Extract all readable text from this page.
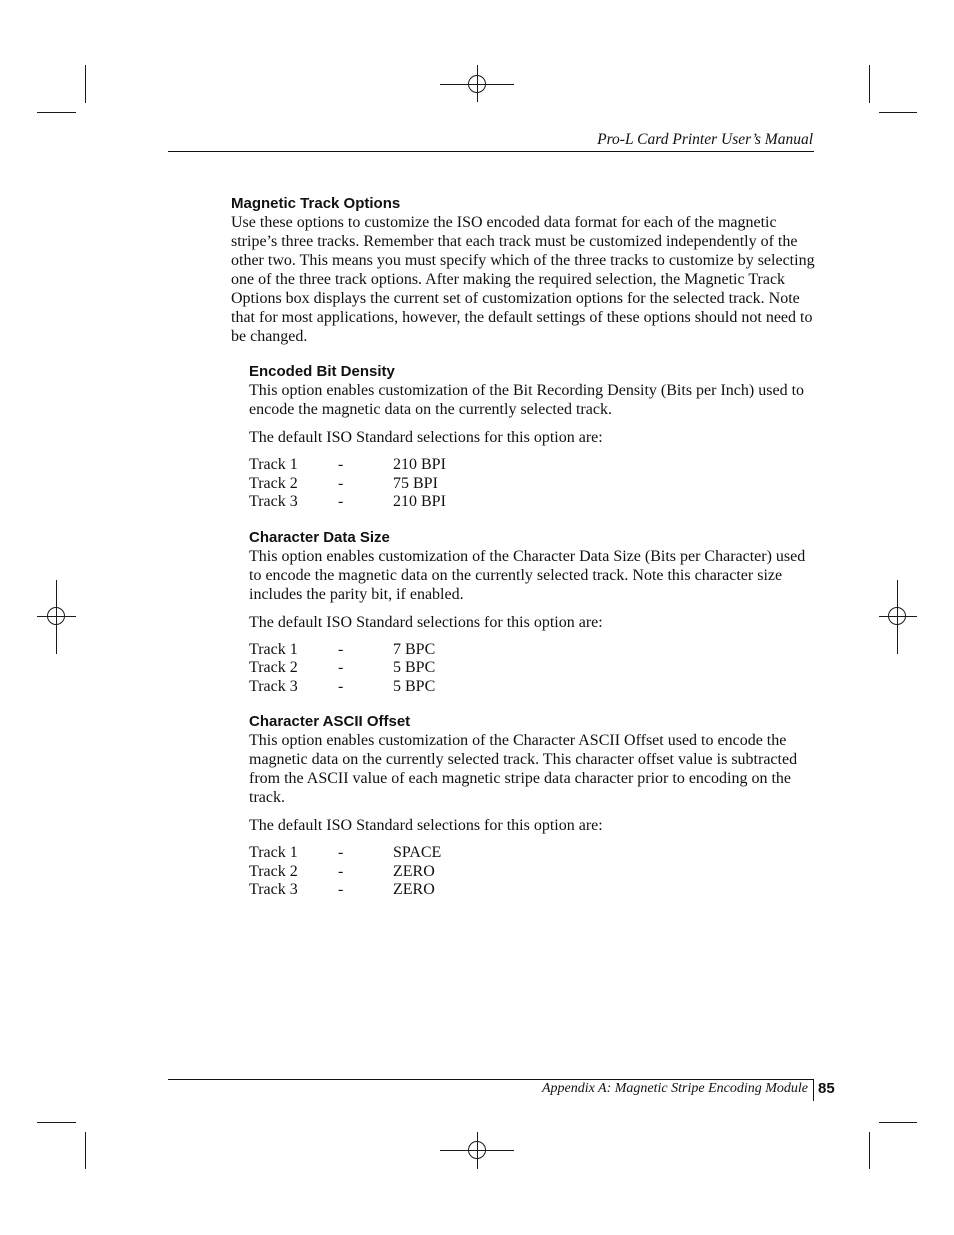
Pro-L Card Printer User’s Manual
Magnetic Track Options

Use these options to customize the ISO encoded data format for each of the magnetic stripe’s three tracks. Remember that each track must be customized independently of the other two. This means you must specify which of the three tracks to customize by selecting one of the three track options. After making the required selection, the Magnetic Track Options box displays the current set of customization options for the selected track. Note that for most applications, however, the default settings of these options should not need to be changed.

Encoded Bit Density

This option enables customization of the Bit Recording Density (Bits per Inch) used to encode the magnetic data on the currently selected track.

The default ISO Standard selections for this option are:

Track 1	-	210 BPI
Track 2	-	75 BPI
Track 3	-	210 BPI
Character Data Size

This option enables customization of the Character Data Size (Bits per Character) used to encode the magnetic data on the currently selected track. Note this character size includes the parity bit, if enabled.

The default ISO Standard selections for this option are:

Track 1	-	7 BPC
Track 2	-	5 BPC
Track 3	-	5 BPC
Character ASCII Offset

This option enables customization of the Character ASCII Offset used to encode the magnetic data on the currently selected track. This character offset value is subtracted from the ASCII value of each magnetic stripe data character prior to encoding on the track.

The default ISO Standard selections for this option are:

Track 1	-	SPACE
Track 2	-	ZERO
Track 3	-	ZERO
Appendix A: Magnetic Stripe Encoding Module 85
